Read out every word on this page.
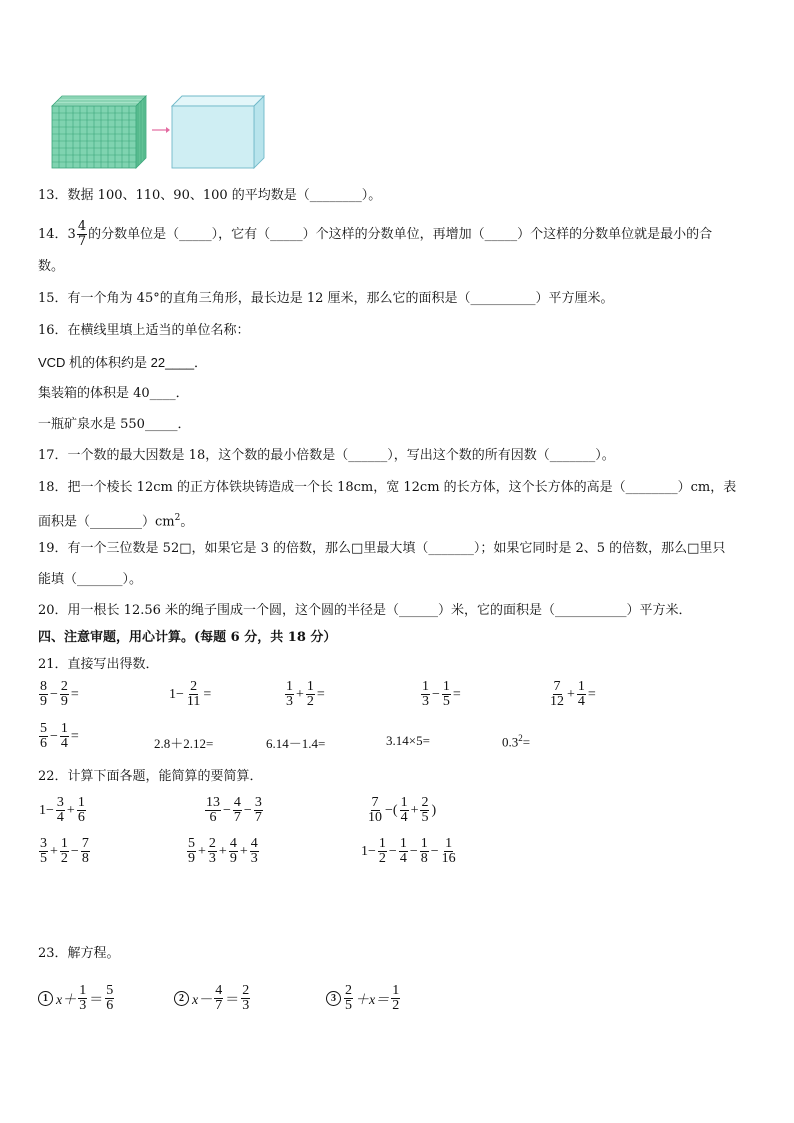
13．数据 100、110、90、100 的平均数是（________）。
14．$3 \frac{4}{7}$ 的分数单位是（_____），它有（_____）个这样的分数单位，再增加（_____）个这样的分数单位就是最小的合
数。
15．有一个角为 45°的直角三角形，最长边是 12 厘米，那么它的面积是（__________）平方厘米。
16．在横线里填上适当的单位名称：
VCD 机的体积约是 22____．
集装箱的体积是 40____．
一瓶矿泉水是 550_____．
17．一个数的最大因数是 18，这个数的最小倍数是（______），写出这个数的所有因数（_______）。
18．把一个棱长 12cm 的正方体铁块铸造成一个长 18cm，宽 12cm 的长方体，这个长方体的高是（________）cm，表
面积是$(\_\_\_\_\_\_\_\_)cm^2$。
19．有一个三位数是 52□，如果它是 3 的倍数，那么□里最大填（_______）；如果它同时是 2、5 的倍数，那么□里只
能填（_______）。
20．用一根长 12.56 米的绳子围成一个圆，这个圆的半径是（______）米，它的面积是（___________）平方米．
四、注意审题，用心计算。(每题 6 分，共 18 分）
21．直接写出得数．
$\frac{8}{9} - \frac{2}{9}$ =	$1- \frac{2}{11}$ =	$\frac{1}{3} + \frac{1}{2}$ =	$\frac{1}{3} - \frac{1}{5}$ =	$\frac{7}{12} + \frac{1}{4}$ =
$\frac{5}{6} - \frac{1}{4}$ =	2.8＋2.12=	6.14－1.4=	3.14×5=	$0.3^2=$
22．计算下面各题，能简算的要简算．
$1- \frac{3}{4} + \frac{1}{6}$	$\frac{13}{6} - \frac{4}{7} - \frac{3}{7}$	$\frac{7}{10}$ −( $\frac{1}{4} + \frac{2}{5}$ )
$\frac{3}{5} + \frac{1}{2} - \frac{7}{8}$	$\frac{5}{9} + \frac{2}{3} + \frac{4}{9} + \frac{4}{3}$	$1- \frac{1}{2} - \frac{1}{4} - \frac{1}{8} - \frac{1}{16}$
23．解方程。
1 $x+ \frac{1}{3} = \frac{5}{6}$	2 $x- \frac{4}{7} = \frac{2}{3}$	$3 \frac{2}{5} +x= \frac{1}{2}$
